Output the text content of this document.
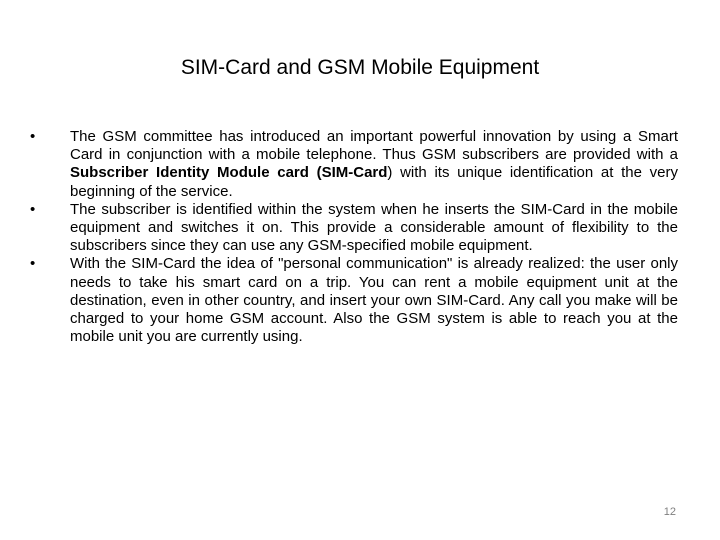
SIM-Card and GSM Mobile Equipment
•	The GSM committee has introduced an important powerful innovation by using a Smart Card in conjunction with a mobile telephone. Thus GSM subscribers are provided with a Subscriber Identity Module card (SIM-Card) with its unique identification at the very beginning of the service.
•	The subscriber is identified within the system when he inserts the SIM-Card in the mobile equipment and switches it on. This provide a considerable amount of flexibility to the subscribers since they can use any GSM-specified mobile equipment.
•	With the SIM-Card the idea of "personal communication" is already realized: the user only needs to take his smart card on a trip. You can rent a mobile equipment unit at the destination, even in other country, and insert your own SIM-Card. Any call you make will be charged to your home GSM account. Also the GSM system is able to reach you at the mobile unit you are currently using.
12
